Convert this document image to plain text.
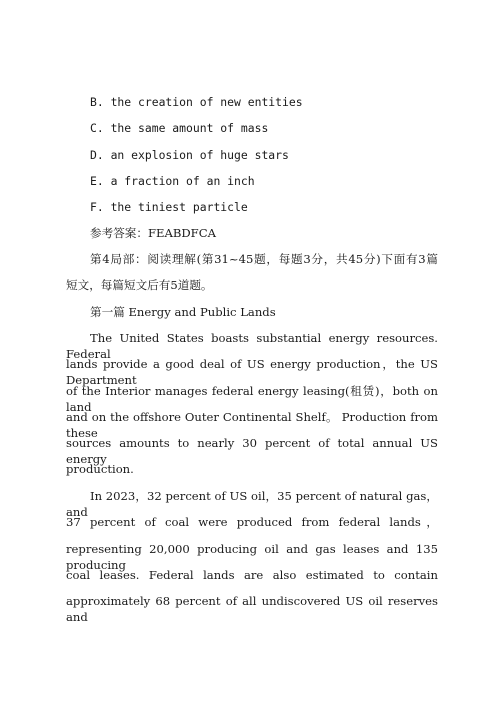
B. the creation of new entities
C. the same amount of mass
D. an explosion of huge stars
E. a fraction of an inch
F. the tiniest particle
参考答案：FEABDFCA
第4局部：阅读理解(第31~45题，每题3分，共45分)下面有3篇
短文，每篇短文后有5道题。
第一篇 Energy and Public Lands
The United States boasts substantial energy resources. Federal
lands provide a good deal of US energy production，the US Department
of the Interior manages federal energy leasing(租赁)，both on land
and on the offshore Outer Continental Shelf。 Production from these
sources amounts to nearly 30 percent of total annual US energy
production.
In 2023，32 percent of US oil，35 percent of natural gas，and
37 percent of coal were produced from federal lands，
representing 20,000 producing oil and gas leases and 135 producing
coal leases. Federal lands are also estimated to contain
approximately 68 percent of all undiscovered US oil reserves and
